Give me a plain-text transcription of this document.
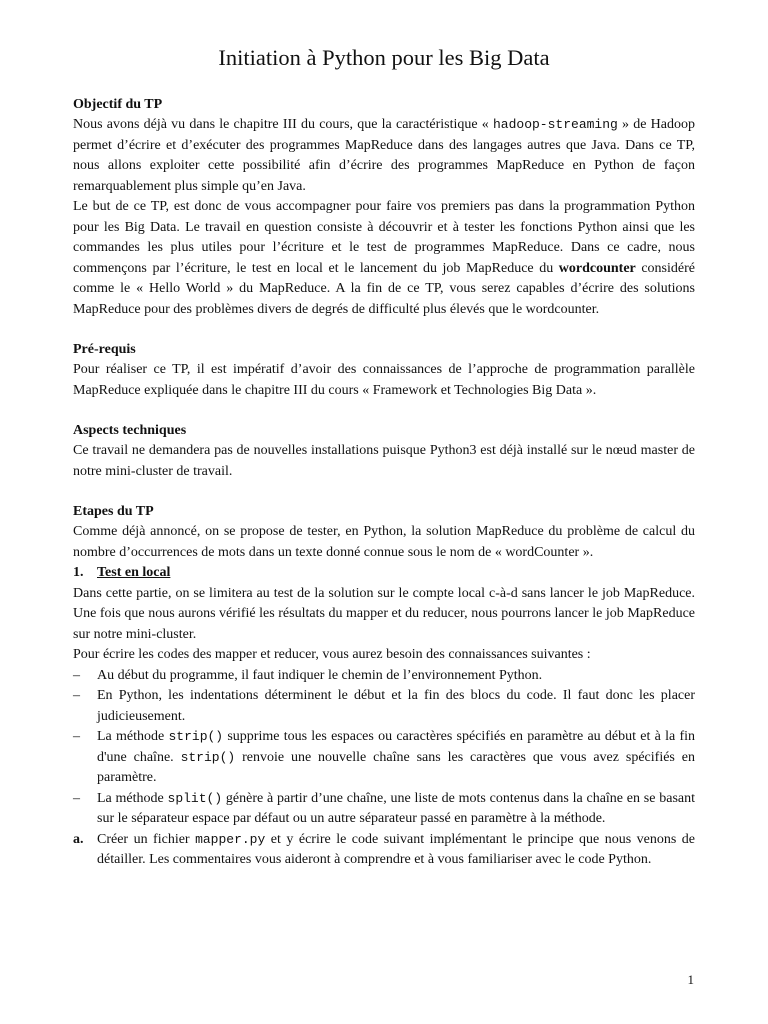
Initiation à Python pour les Big Data
Objectif du TP

Nous avons déjà vu dans le chapitre III du cours, que la caractéristique « hadoop-streaming » de Hadoop permet d’écrire et d’exécuter des programmes MapReduce dans des langages autres que Java. Dans ce TP, nous allons exploiter cette possibilité afin d’écrire des programmes MapReduce en Python de façon remarquablement plus simple qu’en Java.

Le but de ce TP, est donc de vous accompagner pour faire vos premiers pas dans la programmation Python pour les Big Data. Le travail en question consiste à découvrir et à tester les fonctions Python ainsi que les commandes les plus utiles pour l’écriture et le test de programmes MapReduce. Dans ce cadre, nous commençons par l’écriture, le test en local et le lancement du job MapReduce du wordcounter considéré comme le « Hello World » du MapReduce. A la fin de ce TP, vous serez capables d’écrire des solutions MapReduce pour des problèmes divers de degrés de difficulté plus élevés que le wordcounter.

Pré-requis

Pour réaliser ce TP, il est impératif d’avoir des connaissances de l’approche de programmation parallèle MapReduce expliquée dans le chapitre III du cours « Framework et Technologies Big Data ».

Aspects techniques

Ce travail ne demandera pas de nouvelles installations puisque Python3 est déjà installé sur le nœud master de notre mini-cluster de travail.

Etapes du TP

Comme déjà annoncé, on se propose de tester, en Python, la solution MapReduce du problème de calcul du nombre d’occurrences de mots dans un texte donné connue sous le nom de « wordCounter ».

1. Test en local

Dans cette partie, on se limitera au test de la solution sur le compte local c-à-d sans lancer le job MapReduce. Une fois que nous aurons vérifié les résultats du mapper et du reducer, nous pourrons lancer le job MapReduce sur notre mini-cluster.

Pour écrire les codes des mapper et reducer, vous aurez besoin des connaissances suivantes :

– Au début du programme, il faut indiquer le chemin de l’environnement Python.
– En Python, les indentations déterminent le début et la fin des blocs du code. Il faut donc les placer judicieusement.
– La méthode strip() supprime tous les espaces ou caractères spécifiés en paramètre au début et à la fin d'une chaîne. strip() renvoie une nouvelle chaîne sans les caractères que vous avez spécifiés en paramètre.
– La méthode split() génère à partir d’une chaîne, une liste de mots contenus dans la chaîne en se basant sur le séparateur espace par défaut ou un autre séparateur passé en paramètre à la méthode.
a. Créer un fichier mapper.py et y écrire le code suivant implémentant le principe que nous venons de détailler. Les commentaires vous aideront à comprendre et à vous familiariser avec le code Python.
1
